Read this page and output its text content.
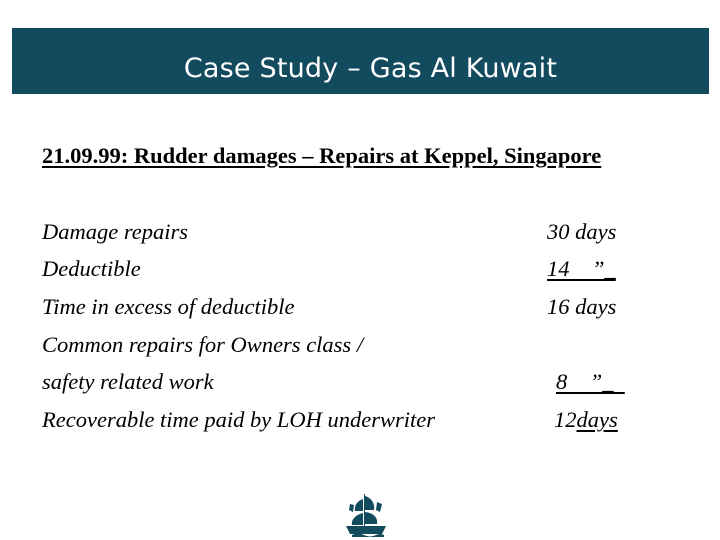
Case Study – Gas Al Kuwait
21.09.99: Rudder damages – Repairs at Keppel, Singapore
Damage repairs	30 days
Deductible	14    ”_
Time in excess of deductible	16 days
Common repairs for Owners class /
safety related work	8    ”_
Recoverable time paid by LOH underwriter	12days
